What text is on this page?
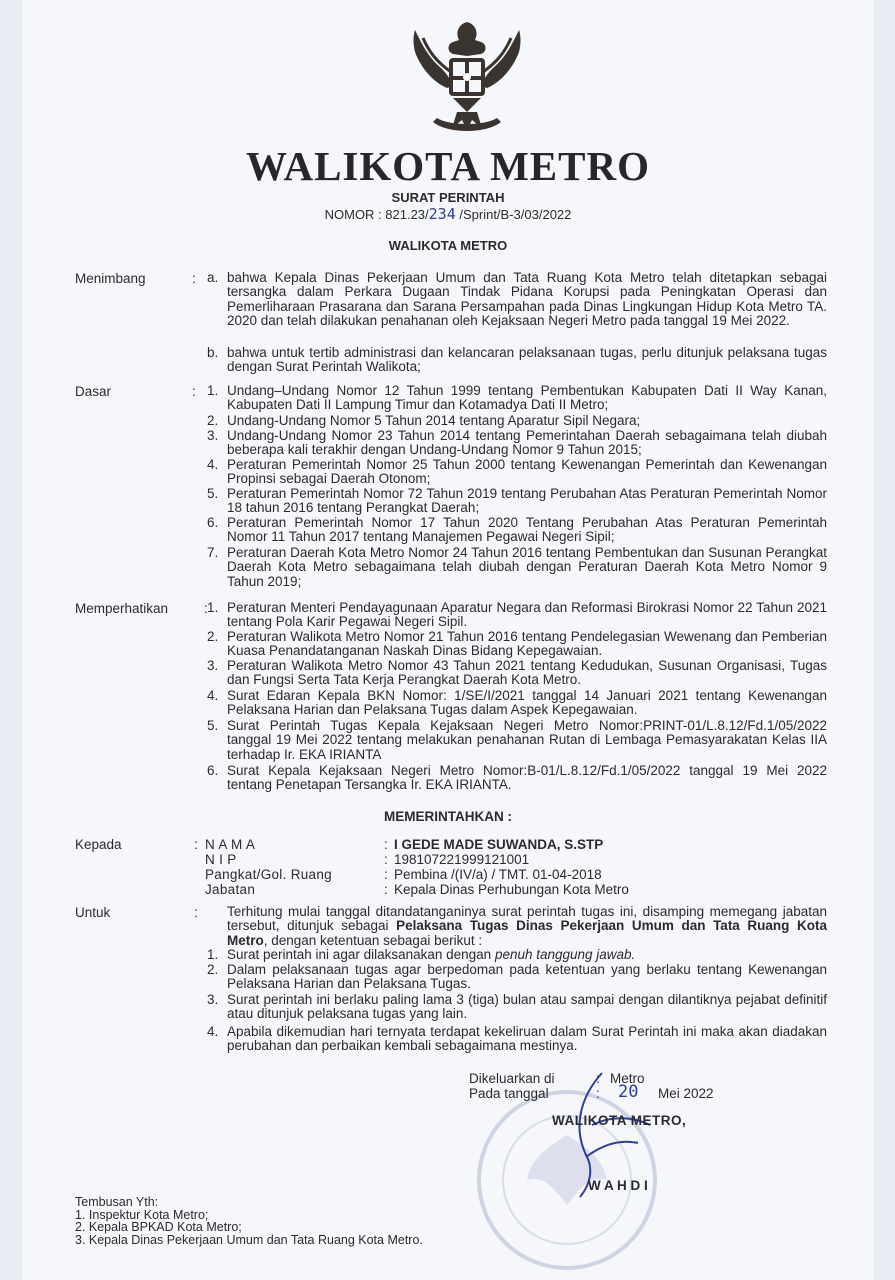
WALIKOTA METRO
SURAT PERINTAH
NOMOR : 821.23/234 /Sprint/B-3/03/2022
WALIKOTA METRO
Menimbang	: a. bahwa Kepala Dinas Pekerjaan Umum dan Tata Ruang Kota Metro telah ditetapkan sebagai tersangka dalam Perkara Dugaan Tindak Pidana Korupsi pada Peningkatan Operasi dan Pemerliharaan Prasarana dan Sarana Persampahan pada Dinas Lingkungan Hidup Kota Metro TA. 2020 dan telah dilakukan penahanan oleh Kejaksaan Negeri Metro pada tanggal 19 Mei 2022.
b. bahwa untuk tertib administrasi dan kelancaran pelaksanaan tugas, perlu ditunjuk pelaksana tugas dengan Surat Perintah Walikota;
Dasar	: 1. Undang–Undang Nomor 12 Tahun 1999 tentang Pembentukan Kabupaten Dati II Way Kanan, Kabupaten Dati II Lampung Timur dan Kotamadya Dati II Metro;
2. Undang-Undang Nomor 5 Tahun 2014 tentang Aparatur Sipil Negara;
3. Undang-Undang Nomor 23 Tahun 2014 tentang Pemerintahan Daerah sebagaimana telah diubah beberapa kali terakhir dengan Undang-Undang Nomor 9 Tahun 2015;
4. Peraturan Pemerintah Nomor 25 Tahun 2000 tentang Kewenangan Pemerintah dan Kewenangan Propinsi sebagai Daerah Otonom;
5. Peraturan Pemerintah Nomor 72 Tahun 2019 tentang Perubahan Atas Peraturan Pemerintah Nomor 18 tahun 2016 tentang Perangkat Daerah;
6. Peraturan Pemerintah Nomor 17 Tahun 2020 Tentang Perubahan Atas Peraturan Pemerintah Nomor 11 Tahun 2017 tentang Manajemen Pegawai Negeri Sipil;
7. Peraturan Daerah Kota Metro Nomor 24 Tahun 2016 tentang Pembentukan dan Susunan Perangkat Daerah Kota Metro sebagaimana telah diubah dengan Peraturan Daerah Kota Metro Nomor 9 Tahun 2019;
Memperhatikan	: 1. Peraturan Menteri Pendayagunaan Aparatur Negara dan Reformasi Birokrasi Nomor 22 Tahun 2021 tentang Pola Karir Pegawai Negeri Sipil.
2. Peraturan Walikota Metro Nomor 21 Tahun 2016 tentang Pendelegasian Wewenang dan Pemberian Kuasa Penandatanganan Naskah Dinas Bidang Kepegawaian.
3. Peraturan Walikota Metro Nomor 43 Tahun 2021 tentang Kedudukan, Susunan Organisasi, Tugas dan Fungsi Serta Tata Kerja Perangkat Daerah Kota Metro.
4. Surat Edaran Kepala BKN Nomor: 1/SE/I/2021 tanggal 14 Januari 2021 tentang Kewenangan Pelaksana Harian dan Pelaksana Tugas dalam Aspek Kepegawaian.
5. Surat Perintah Tugas Kepala Kejaksaan Negeri Metro Nomor:PRINT-01/L.8.12/Fd.1/05/2022 tanggal 19 Mei 2022 tentang melakukan penahanan Rutan di Lembaga Pemasyarakatan Kelas IIA terhadap Ir. EKA IRIANTA
6. Surat Kepala Kejaksaan Negeri Metro Nomor:B-01/L.8.12/Fd.1/05/2022 tanggal 19 Mei 2022 tentang Penetapan Tersangka Ir. EKA IRIANTA.
MEMERINTAHKAN :
Kepada	: N A M A	: I GEDE MADE SUWANDA, S.STP
N I P	: 198107221999121001
Pangkat/Gol. Ruang	: Pembina /(IV/a) / TMT. 01-04-2018
Jabatan	: Kepala Dinas Perhubungan Kota Metro
Untuk	: Terhitung mulai tanggal ditandatanganinya surat perintah tugas ini, disamping memegang jabatan tersebut, ditunjuk sebagai Pelaksana Tugas Dinas Pekerjaan Umum dan Tata Ruang Kota Metro, dengan ketentuan sebagai berikut :
1. Surat perintah ini agar dilaksanakan dengan penuh tanggung jawab.
2. Dalam pelaksanaan tugas agar berpedoman pada ketentuan yang berlaku tentang Kewenangan Pelaksana Harian dan Pelaksana Tugas.
3. Surat perintah ini berlaku paling lama 3 (tiga) bulan atau sampai dengan dilantiknya pejabat definitif atau ditunjuk pelaksana tugas yang lain.
4. Apabila dikemudian hari ternyata terdapat kekeliruan dalam Surat Perintah ini maka akan diadakan perubahan dan perbaikan kembali sebagaimana mestinya.
Dikeluarkan di	: Metro
Pada tanggal	: 20 Mei 2022
WALIKOTA METRO,
W A H D I
Tembusan Yth:
1. Inspektur Kota Metro;
2. Kepala BPKAD Kota Metro;
3. Kepala Dinas Pekerjaan Umum dan Tata Ruang Kota Metro.
